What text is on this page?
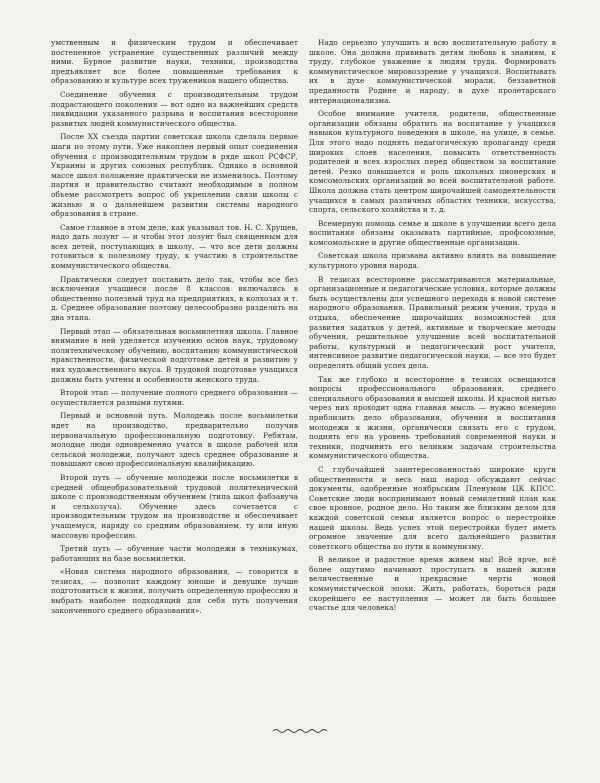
умственным и физическим трудом и обеспечивает постепенное устранение существенных различий между ними. Бурное развитие науки, техники, производства предъявляет все более повышенные требования к образованию и культуре всех тружеников нашего общества.

Соединение обучения с производительным трудом подрастающего поколения — вот одно из важнейших средств ликвидации указанного разрыва и воспитания всесторонне развитых людей коммунистического общества.

После XX съезда партии советская школа сделала первые шаги по этому пути. Уже накоплен первый опыт соединения обучения с производительным трудом в ряде школ РСФСР, Украины и других союзных республик. Однако в основной массе школ положение практически не изменилось. Поэтому партия и правительство считают необходимым в полном объеме рассмотреть вопрос об укреплении связи школы с жизнью и о дальнейшем развитии системы народного образования в стране.

Самое главное в этом деле, как указывал тов. Н. С. Хрущев, надо дать лозунг — и чтобы этот лозунг был священным для всех детей, поступающих в школу, — что все дети должны готовиться к полезному труду, к участию в строительстве коммунистического общества.

Практически следует поставить дело так, чтобы все без исключения учащиеся после 8 классов включались в общественно полезный труд на предприятиях, в колхозах и т. д. Среднее образование поэтому целесообразно разделить на два этапа.

Первый этап — обязательная восьмилетняя школа. Главное внимание в ней уделяется изучению основ наук, трудовому политехническому обучению, воспитанию коммунистической нравственности, физической подготовке детей и развитию у них художественного вкуса. В трудовой подготовке учащихся должны быть учтены и особенности женского труда.

Второй этап — получение полного среднего образования — осуществляется разными путями.

Первый и основной путь. Молодежь после восьмилетки идет на производство, предварительно получив первоначальную профессиональную подготовку. Ребятам, молодые люди одновременно учатся в школе рабочей или сельской молодежи, получают здесь среднее образование и повышают свою профессиональную квалификацию.

Второй путь — обучение молодежи после восьмилетки в средней общеобразовательной трудовой политехнической школе с производственным обучением (типа школ фабзавуча и сельхозуча). Обучение здесь сочетается с производительным трудом на производстве и обеспечивает учащемуся, наряду со средним образованием, ту или иную массовую профессию.

Третий путь — обучение части молодежи в техникумах, работающих на базе восьмилетки.

«Новая система народного образования, — говорится в тезисах, — позволит каждому юноше и девушке лучше подготовиться к жизни, получить определенную профессию и выбрать наиболее подходящий для себя путь получения законченного среднего образования».

Надо серьезно улучшить и всю воспитательную работу в школе. Она должна прививать детям любовь к знаниям, к труду, глубокое уважение к людям труда. Формировать коммунистическое мировоззрение у учащихся. Воспитывать их в духе коммунистической морали, беззаветной преданности Родине и народу, в духе пролетарского интернационализма.

Особое внимание учителя, родители, общественные организации обязаны обратить на воспитание у учащихся навыков культурного поведения в школе, на улице, в семье. Для этого надо поднять педагогическую пропаганду среди широких слоев населения, повысить ответственность родителей и всех взрослых перед обществом за воспитание детей. Резко повышается и роль школьных пионерских и комсомольских организаций во всей воспитательной работе. Школа должна стать центром широчайшей самодеятельности учащихся в самых различных областях техники, искусства, спорта, сельского хозяйства и т. д.

Всемерную помощь семье и школе в улучшении всего дела воспитания обязаны оказывать партийные, профсоюзные, комсомольские и другие общественные организации.

Советская школа призвана активно влиять на повышение культурного уровня народа.

В тезисах всесторонне рассматриваются материальные, организационные и педагогические условия, которые должны быть осуществлены для успешного перехода к новой системе народного образования. Правильный режим учения, труда и отдыха, обеспечение широчайших возможностей для развития задатков у детей, активные и творческие методы обучения, решительное улучшение всей воспитательной работы, культурный и педагогический рост учителя, интенсивное развитие педагогической науки, — все это будет определять общий успех дела.

Так же глубоко и всесторонне в тезисах освещаются вопросы профессионального образования, среднего специального образования и высшей школы. И красной нитью через них проходит одна главная мысль — нужно всемерно приблизить дело образования, обучения и воспитания молодежи к жизни, органически связать его с трудом, поднять его на уровень требований современной науки и техники, подчинить его великим задачам строительства коммунистического общества.

С глубочайшей заинтересованностью широкие круги общественности и весь наш народ обсуждают сейчас документы, одобренные ноябрьским Пленумом ЦК КПСС. Советские люди воспринимают новый семилетний план как свое кровное, родное дело. Но таким же близким делом для каждой советской семьи является вопрос о перестройке нашей школы. Ведь успех этой перестройки будет иметь огромное значение для всего дальнейшего развития советского общества по пути к коммунизму.

В великое и радостное время живем мы! Всё ярче, всё более ощутимо начинают проступать в нашей жизни величественные и прекрасные черты новой коммунистической эпохи. Жить, работать, бороться ради скорейшего ее наступления — может ли быть большее счастье для человека!
